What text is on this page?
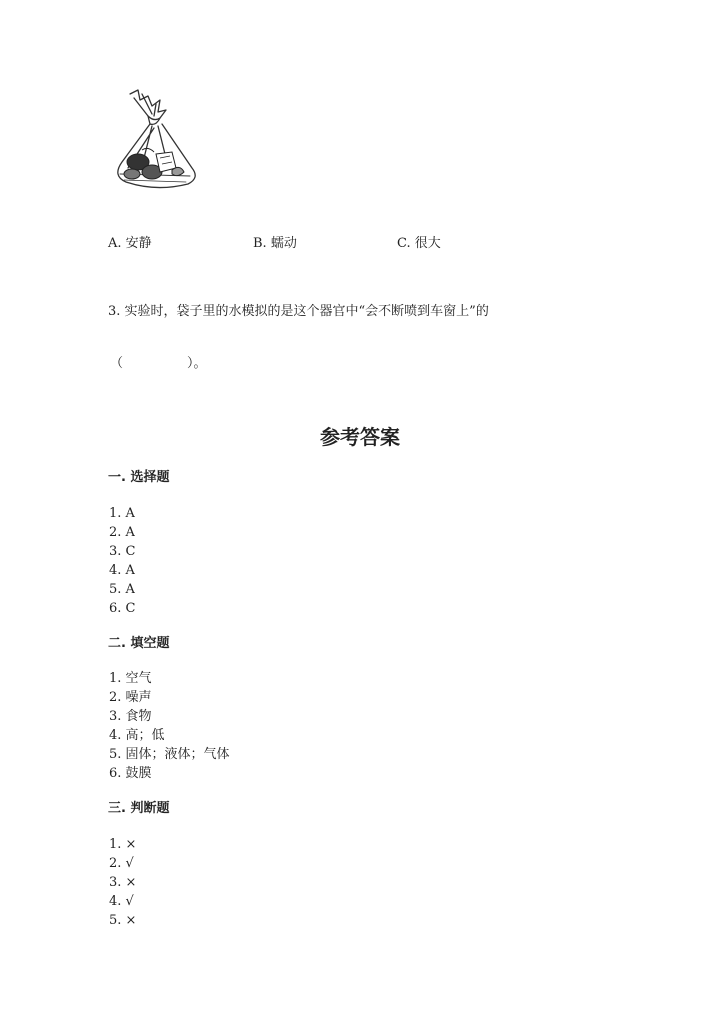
A. 安静	B. 蠕动	C. 很大
3. 实验时，袋子里的水模拟的是这个器官中“会不断喷到车窗上”的
（	）。
参考答案
一. 选择题
1. A
2. A
3. C
4. A
5. A
6. C
二. 填空题
1. 空气
2. 噪声
3. 食物
4. 高；低
5. 固体；液体；气体
6. 鼓膜
三. 判断题
1. ×
2. √
3. ×
4. √
5. ×
